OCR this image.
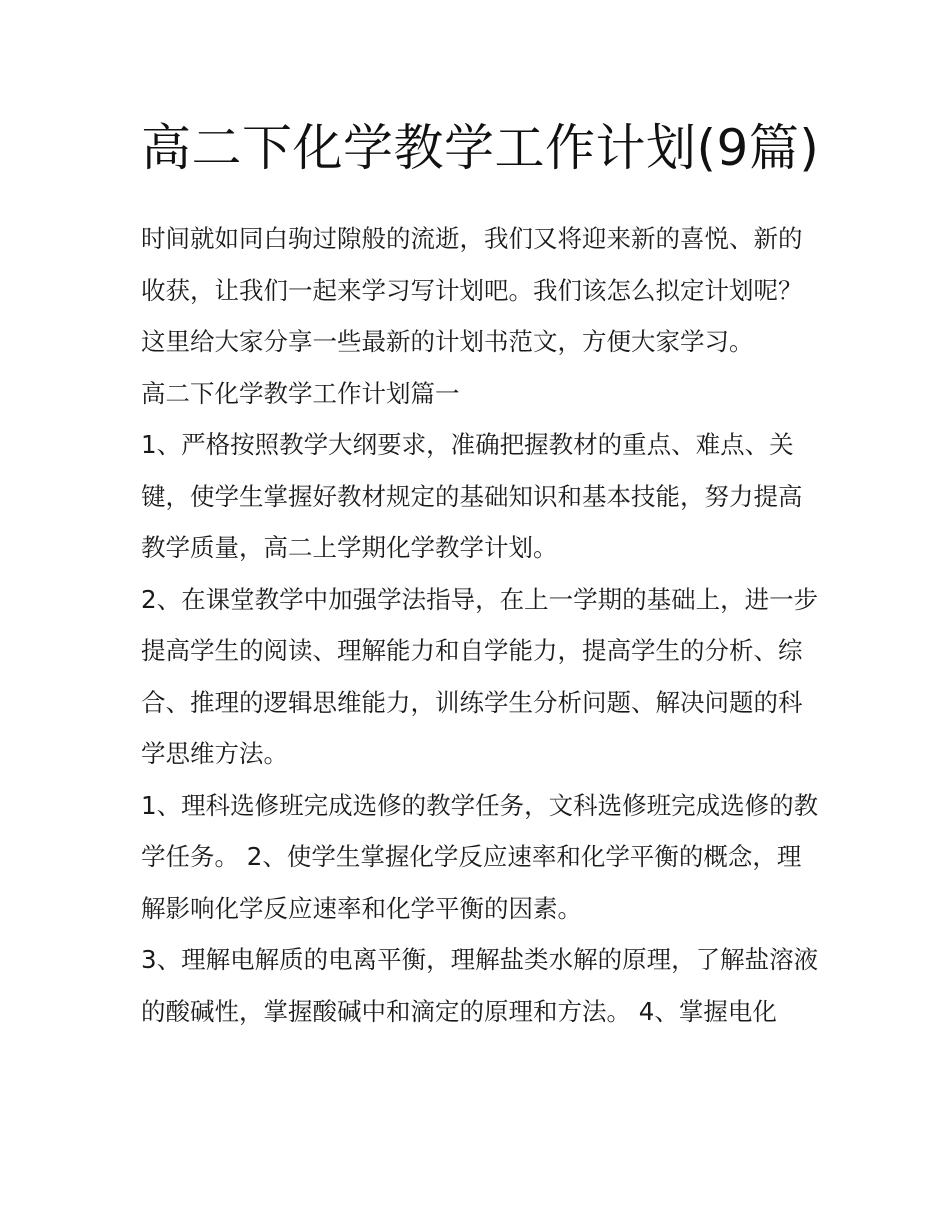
高二下化学教学工作计划(9篇)

时间就如同白驹过隙般的流逝，我们又将迎来新的喜悦、新的收获，让我们一起来学习写计划吧。我们该怎么拟定计划呢？这里给大家分享一些最新的计划书范文，方便大家学习。

高二下化学教学工作计划篇一

1、严格按照教学大纲要求，准确把握教材的重点、难点、关键，使学生掌握好教材规定的基础知识和基本技能，努力提高教学质量，高二上学期化学教学计划。

2、在课堂教学中加强学法指导，在上一学期的基础上，进一步提高学生的阅读、理解能力和自学能力，提高学生的分析、综合、推理的逻辑思维能力，训练学生分析问题、解决问题的科学思维方法。

1、理科选修班完成选修的教学任务，文科选修班完成选修的教学任务。 2、使学生掌握化学反应速率和化学平衡的概念，理解影响化学反应速率和化学平衡的因素。

3、理解电解质的电离平衡，理解盐类水解的原理，了解盐溶液的酸碱性，掌握酸碱中和滴定的原理和方法。 4、掌握电化
